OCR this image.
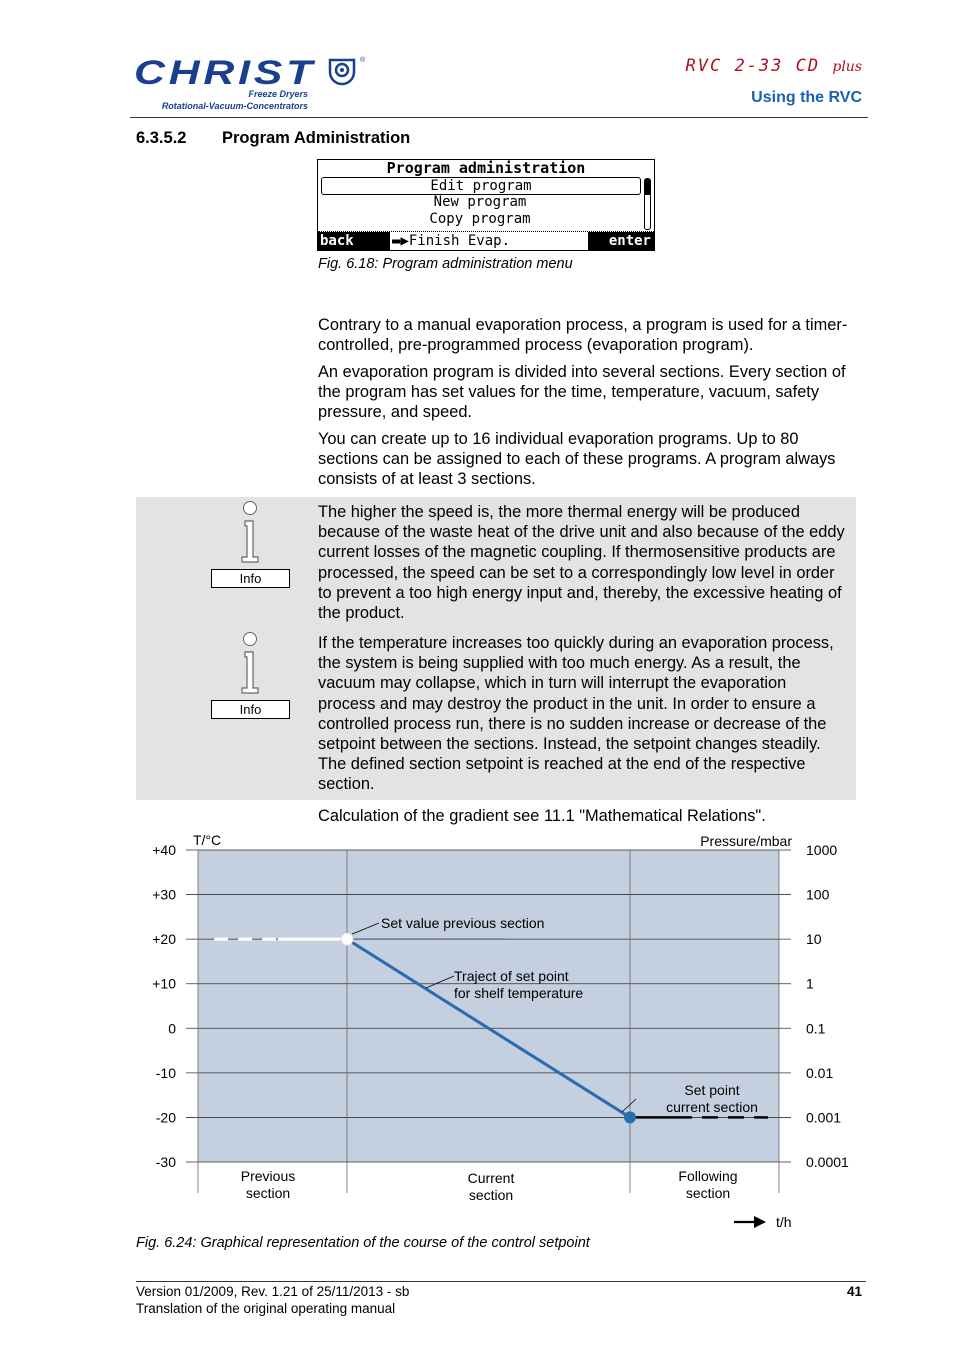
CHRIST	®
Freeze Dryers
Rotational-Vacuum-Concentrators
RVC 2-33 CD plus
Using the RVC
6.3.5.2 Program Administration
Program administration
Edit program
New program
Copy program
back	▬▶Finish Evap.	enter
Fig. 6.18: Program administration menu
Contrary to a manual evaporation process, a program is used for a timer-controlled, pre-programmed process (evaporation program).
An evaporation program is divided into several sections. Every section of the program has set values for the time, temperature, vacuum, safety pressure, and speed.
You can create up to 16 individual evaporation programs. Up to 80 sections can be assigned to each of these programs. A program always consists of at least 3 sections.
Info
The higher the speed is, the more thermal energy will be produced because of the waste heat of the drive unit and also because of the eddy current losses of the magnetic coupling. If thermosensitive products are processed, the speed can be set to a correspondingly low level in order to prevent a too high energy input and, thereby, the excessive heating of the product.
Info
If the temperature increases too quickly during an evaporation process, the system is being supplied with too much energy. As a result, the vacuum may collapse, which in turn will interrupt the evaporation process and may destroy the product in the unit. In order to ensure a controlled process run, there is no sudden increase or decrease of the setpoint between the sections. Instead, the setpoint changes steadily. The defined section setpoint is reached at the end of the respective section.
Calculation of the gradient see 11.1 "Mathematical Relations".
+40	1000
+30	100
+20	10
+10	1
0	0.1
-10	0.01
-20	0.001
-30	0.0001
T/°C	Pressure/mbar
Previous section
Current section
Following section
t/h
Set value previous section
Traject of set point for shelf temperature
Set point current section
Fig. 6.24: Graphical representation of the course of the control setpoint
Version 01/2009, Rev. 1.21 of 25/11/2013 - sb
Translation of the original operating manual
41
